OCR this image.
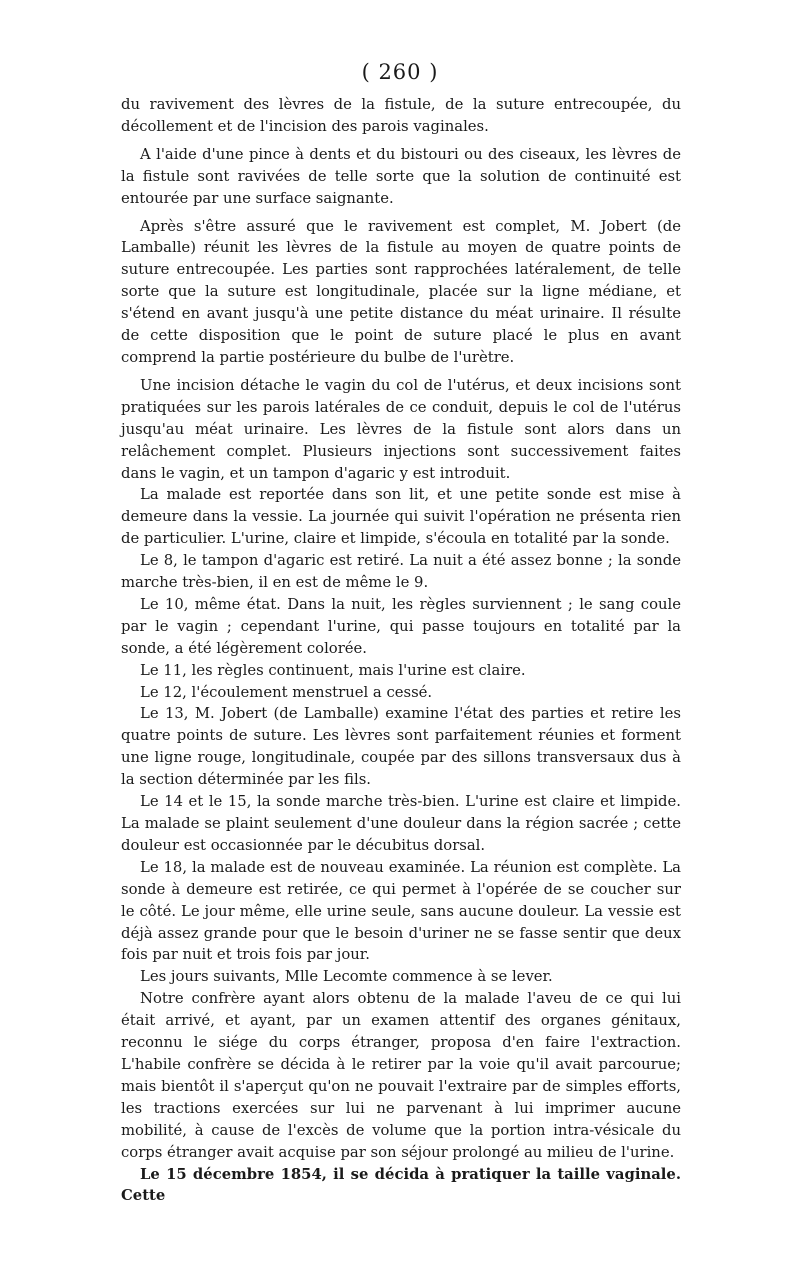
( 260 )

du ravivement des lèvres de la fistule, de la suture entrecoupée, du décollement et de l'incision des parois vaginales.

A l'aide d'une pince à dents et du bistouri ou des ciseaux, les lèvres de la fistule sont ravivées de telle sorte que la solution de continuité est entourée par une surface saignante.

Après s'être assuré que le ravivement est complet, M. Jobert (de Lamballe) réunit les lèvres de la fistule au moyen de quatre points de suture entrecoupée. Les parties sont rapprochées latéralement, de telle sorte que la suture est longitudinale, placée sur la ligne médiane, et s'étend en avant jusqu'à une petite distance du méat urinaire. Il résulte de cette disposition que le point de suture placé le plus en avant comprend la partie postérieure du bulbe de l'urètre.

Une incision détache le vagin du col de l'utérus, et deux incisions sont pratiquées sur les parois latérales de ce conduit, depuis le col de l'utérus jusqu'au méat urinaire. Les lèvres de la fistule sont alors dans un relâchement complet. Plusieurs injections sont successivement faites dans le vagin, et un tampon d'agaric y est introduit.

La malade est reportée dans son lit, et une petite sonde est mise à demeure dans la vessie. La journée qui suivit l'opération ne présenta rien de particulier. L'urine, claire et limpide, s'écoula en totalité par la sonde.

Le 8, le tampon d'agaric est retiré. La nuit a été assez bonne ; la sonde marche très-bien, il en est de même le 9.

Le 10, même état. Dans la nuit, les règles surviennent ; le sang coule par le vagin ; cependant l'urine, qui passe toujours en totalité par la sonde, a été légèrement colorée.

Le 11, les règles continuent, mais l'urine est claire.

Le 12, l'écoulement menstruel a cessé.

Le 13, M. Jobert (de Lamballe) examine l'état des parties et retire les quatre points de suture. Les lèvres sont parfaitement réunies et forment une ligne rouge, longitudinale, coupée par des sillons transversaux dus à la section déterminée par les fils.

Le 14 et le 15, la sonde marche très-bien. L'urine est claire et limpide. La malade se plaint seulement d'une douleur dans la région sacrée ; cette douleur est occasionnée par le décubitus dorsal.

Le 18, la malade est de nouveau examinée. La réunion est complète. La sonde à demeure est retirée, ce qui permet à l'opérée de se coucher sur le côté. Le jour même, elle urine seule, sans aucune douleur. La vessie est déjà assez grande pour que le besoin d'uriner ne se fasse sentir que deux fois par nuit et trois fois par jour.

Les jours suivants, Mlle Lecomte commence à se lever.

Notre confrère ayant alors obtenu de la malade l'aveu de ce qui lui était arrivé, et ayant, par un examen attentif des organes génitaux, reconnu le siége du corps étranger, proposa d'en faire l'extraction. L'habile confrère se décida à le retirer par la voie qu'il avait parcourue; mais bientôt il s'aperçut qu'on ne pouvait l'extraire par de simples efforts, les tractions exercées sur lui ne parvenant à lui imprimer aucune mobilité, à cause de l'excès de volume que la portion intra-vésicale du corps étranger avait acquise par son séjour prolongé au milieu de l'urine.

Le 15 décembre 1854, il se décida à pratiquer la taille vaginale. Cette
